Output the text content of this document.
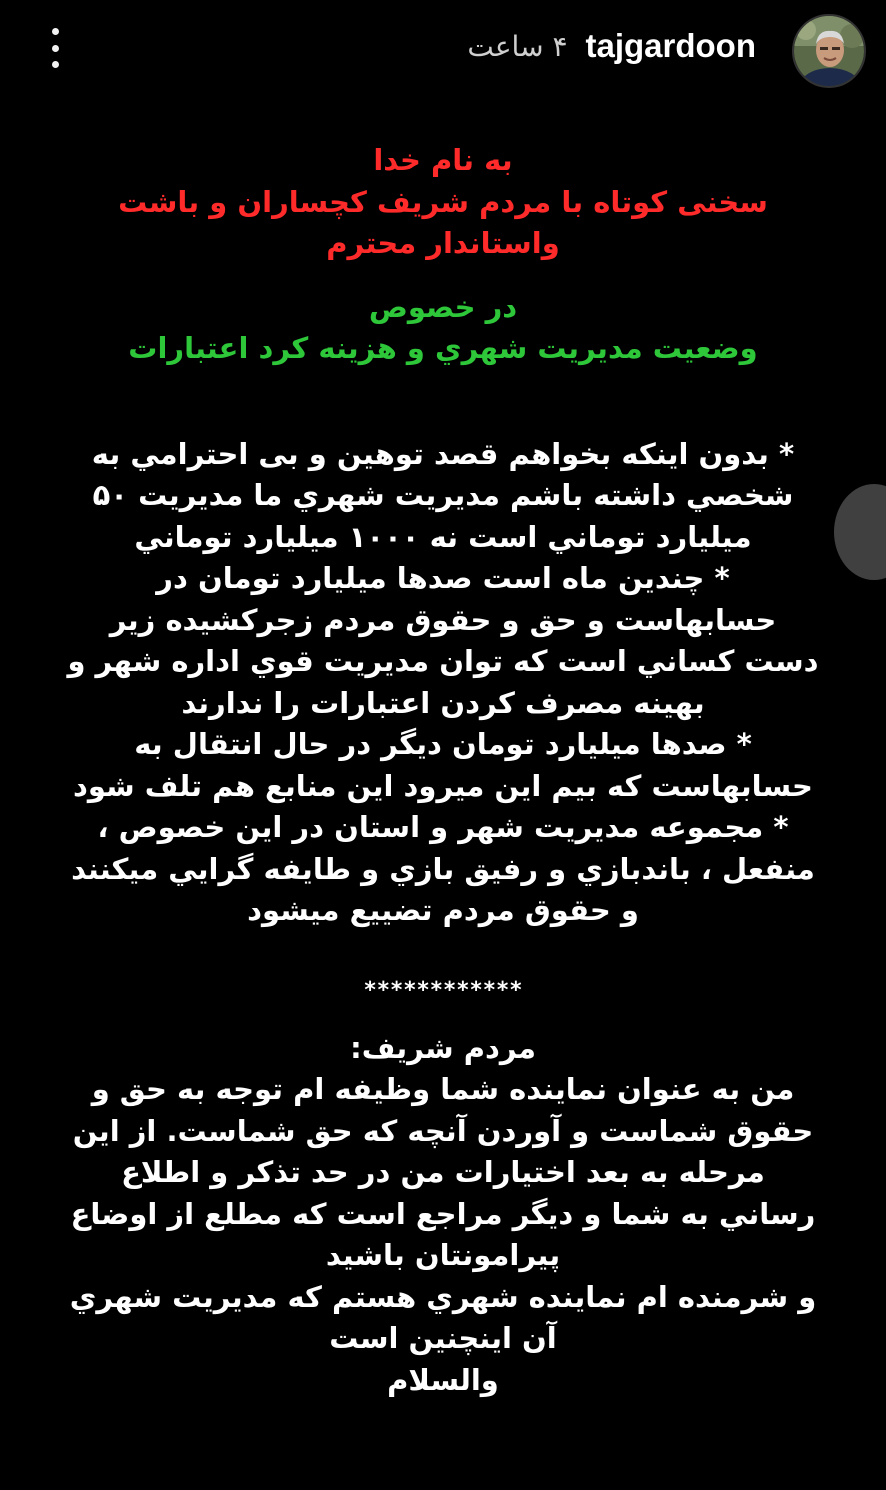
۴ ساعت tajgardoon
به نام خدا
سخنی کوتاه با مردم شریف کچساران و باشت
واستاندار محترم
در خصوص
وضعیت مدیریت شهري و هزینه کرد اعتبارات
* بدون اینکه بخواهم قصد توهین و بی احترامي به
شخصي داشته باشم مدیریت شهري ما مدیریت ۵۰
میلیارد توماني است نه ۱۰۰۰ میلیارد توماني
* چندین ماه است صدها میلیارد تومان در
حسابهاست و حق و حقوق مردم زجرکشیده زیر
دست کساني است که توان مدیریت قوي اداره شهر و
بهینه مصرف کردن اعتبارات را ندارند
* صدها میلیارد تومان دیگر در حال انتقال به
حسابهاست که بیم این میرود این منابع هم تلف شود
* مجموعه مدیریت شهر و استان در این خصوص ،
منفعل ، باندبازي و رفیق بازي و طایفه گرایي میکنند
و حقوق مردم تضییع میشود
************
مردم شریف:
من به عنوان نماینده شما وظیفه ام توجه به حق و
حقوق شماست و آوردن آنچه که حق شماست. از این
مرحله به بعد اختیارات من در حد تذکر و اطلاع
رساني به شما و دیگر مراجع است که مطلع از اوضاع
پیرامونتان باشید
و شرمنده ام نماینده شهري هستم که مدیریت شهري
آن اینچنین است
والسلام
